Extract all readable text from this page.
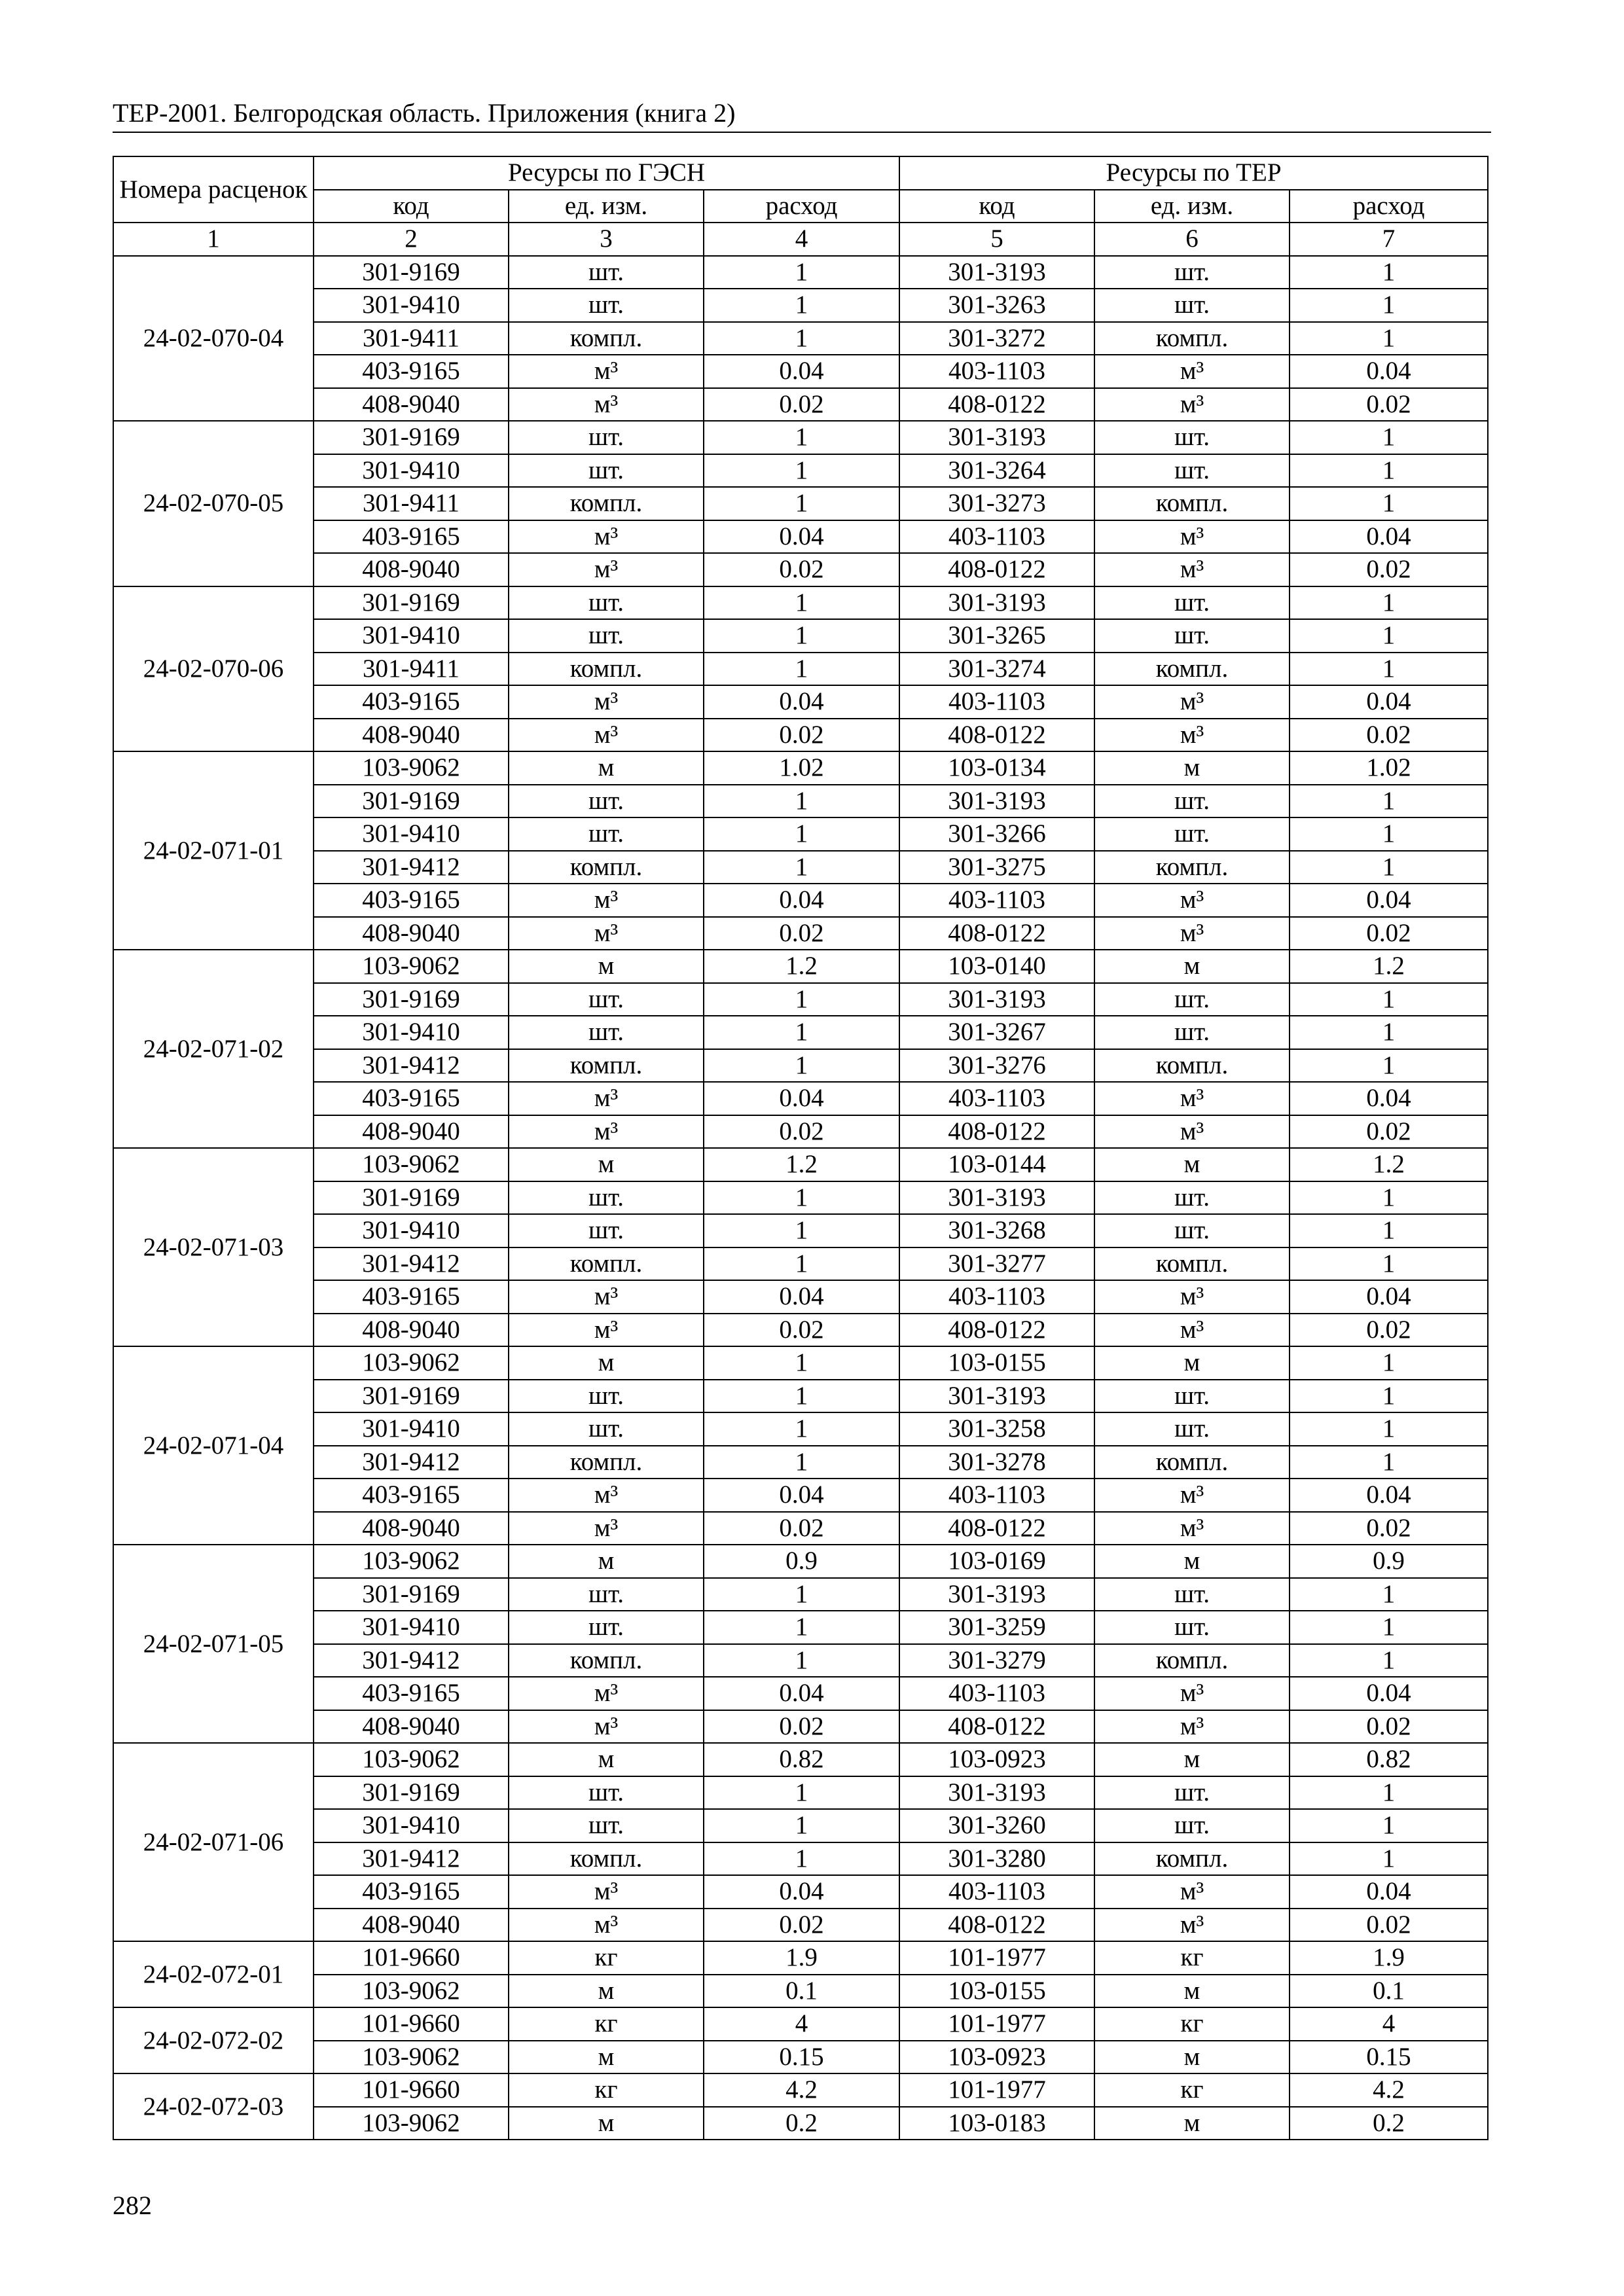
ТЕР-2001. Белгородская область. Приложения (книга 2)
Номера расценок	Ресурсы по ГЭСН			Ресурсы по ТЕР		
	код	ед. изм.	расход	код	ед. изм.	расход
1	2	3	4	5	6	7
24-02-070-04	301-9169	шт.	1	301-3193	шт.	1
	301-9410	шт.	1	301-3263	шт.	1
	301-9411	компл.	1	301-3272	компл.	1
	403-9165	м³	0.04	403-1103	м³	0.04
	408-9040	м³	0.02	408-0122	м³	0.02
24-02-070-05	301-9169	шт.	1	301-3193	шт.	1
	301-9410	шт.	1	301-3264	шт.	1
	301-9411	компл.	1	301-3273	компл.	1
	403-9165	м³	0.04	403-1103	м³	0.04
	408-9040	м³	0.02	408-0122	м³	0.02
24-02-070-06	301-9169	шт.	1	301-3193	шт.	1
	301-9410	шт.	1	301-3265	шт.	1
	301-9411	компл.	1	301-3274	компл.	1
	403-9165	м³	0.04	403-1103	м³	0.04
	408-9040	м³	0.02	408-0122	м³	0.02
24-02-071-01	103-9062	м	1.02	103-0134	м	1.02
	301-9169	шт.	1	301-3193	шт.	1
	301-9410	шт.	1	301-3266	шт.	1
	301-9412	компл.	1	301-3275	компл.	1
	403-9165	м³	0.04	403-1103	м³	0.04
	408-9040	м³	0.02	408-0122	м³	0.02
24-02-071-02	103-9062	м	1.2	103-0140	м	1.2
	301-9169	шт.	1	301-3193	шт.	1
	301-9410	шт.	1	301-3267	шт.	1
	301-9412	компл.	1	301-3276	компл.	1
	403-9165	м³	0.04	403-1103	м³	0.04
	408-9040	м³	0.02	408-0122	м³	0.02
24-02-071-03	103-9062	м	1.2	103-0144	м	1.2
	301-9169	шт.	1	301-3193	шт.	1
	301-9410	шт.	1	301-3268	шт.	1
	301-9412	компл.	1	301-3277	компл.	1
	403-9165	м³	0.04	403-1103	м³	0.04
	408-9040	м³	0.02	408-0122	м³	0.02
24-02-071-04	103-9062	м	1	103-0155	м	1
	301-9169	шт.	1	301-3193	шт.	1
	301-9410	шт.	1	301-3258	шт.	1
	301-9412	компл.	1	301-3278	компл.	1
	403-9165	м³	0.04	403-1103	м³	0.04
	408-9040	м³	0.02	408-0122	м³	0.02
24-02-071-05	103-9062	м	0.9	103-0169	м	0.9
	301-9169	шт.	1	301-3193	шт.	1
	301-9410	шт.	1	301-3259	шт.	1
	301-9412	компл.	1	301-3279	компл.	1
	403-9165	м³	0.04	403-1103	м³	0.04
	408-9040	м³	0.02	408-0122	м³	0.02
24-02-071-06	103-9062	м	0.82	103-0923	м	0.82
	301-9169	шт.	1	301-3193	шт.	1
	301-9410	шт.	1	301-3260	шт.	1
	301-9412	компл.	1	301-3280	компл.	1
	403-9165	м³	0.04	403-1103	м³	0.04
	408-9040	м³	0.02	408-0122	м³	0.02
24-02-072-01	101-9660	кг	1.9	101-1977	кг	1.9
	103-9062	м	0.1	103-0155	м	0.1
24-02-072-02	101-9660	кг	4	101-1977	кг	4
	103-9062	м	0.15	103-0923	м	0.15
24-02-072-03	101-9660	кг	4.2	101-1977	кг	4.2
	103-9062	м	0.2	103-0183	м	0.2
282
